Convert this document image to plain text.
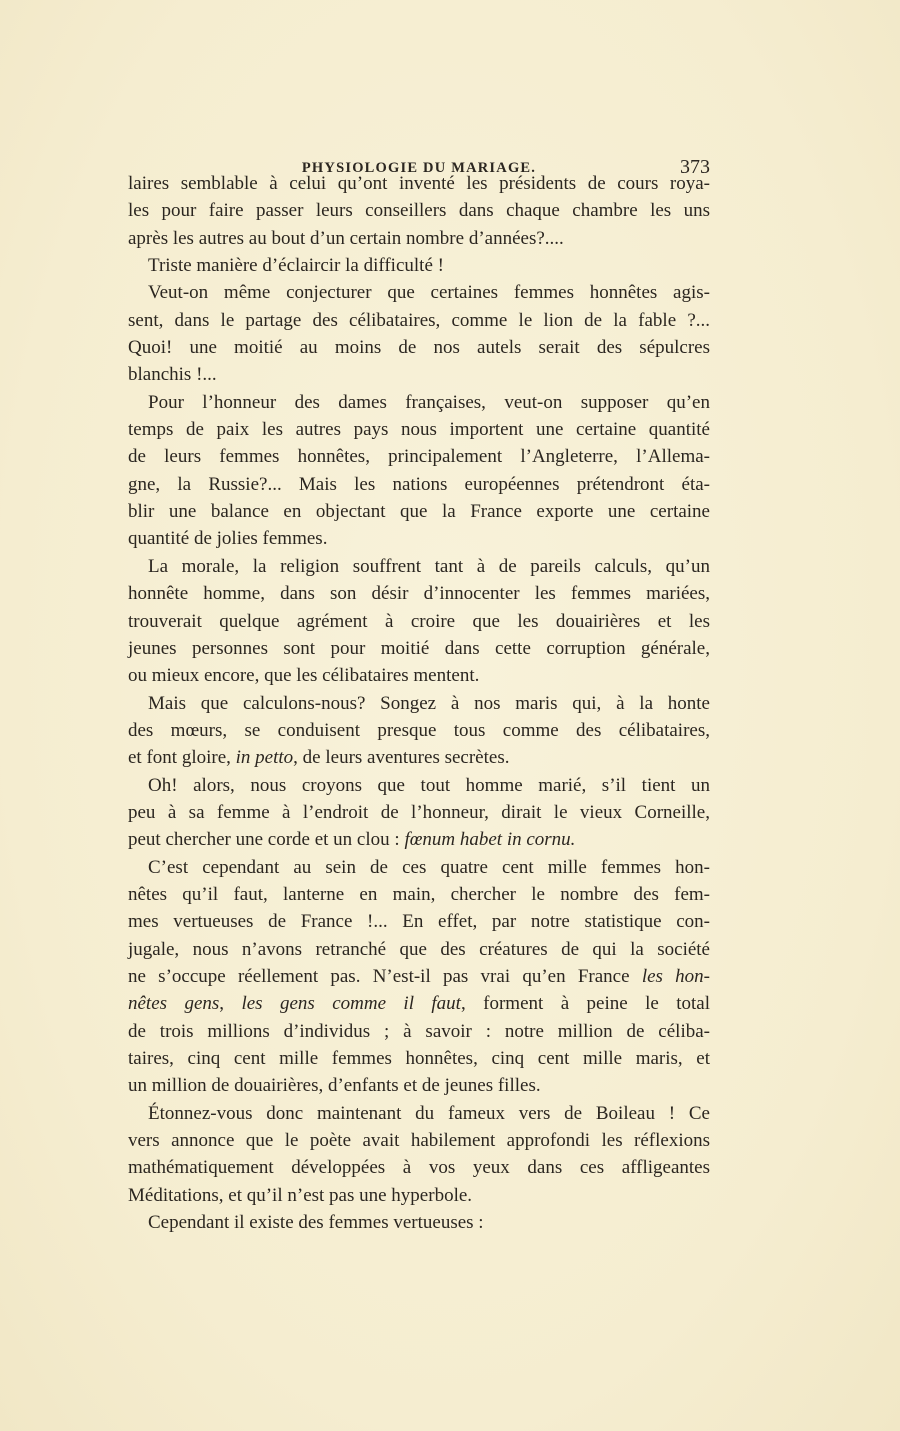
PHYSIOLOGIE DU MARIAGE.	373
laires semblable à celui qu’ont inventé les présidents de cours roya-
les pour faire passer leurs conseillers dans chaque chambre les uns
après les autres au bout d’un certain nombre d’années?....
Triste manière d’éclaircir la difficulté !
Veut-on même conjecturer que certaines femmes honnêtes agis-
sent, dans le partage des célibataires, comme le lion de la fable ?...
Quoi! une moitié au moins de nos autels serait des sépulcres
blanchis !...
Pour l’honneur des dames françaises, veut-on supposer qu’en
temps de paix les autres pays nous importent une certaine quantité
de leurs femmes honnêtes, principalement l’Angleterre, l’Allema-
gne, la Russie?... Mais les nations européennes prétendront éta-
blir une balance en objectant que la France exporte une certaine
quantité de jolies femmes.
La morale, la religion souffrent tant à de pareils calculs, qu’un
honnête homme, dans son désir d’innocenter les femmes mariées,
trouverait quelque agrément à croire que les douairières et les
jeunes personnes sont pour moitié dans cette corruption générale,
ou mieux encore, que les célibataires mentent.
Mais que calculons-nous? Songez à nos maris qui, à la honte
des mœurs, se conduisent presque tous comme des célibataires,
et font gloire, in petto, de leurs aventures secrètes.
Oh! alors, nous croyons que tout homme marié, s’il tient un
peu à sa femme à l’endroit de l’honneur, dirait le vieux Corneille,
peut chercher une corde et un clou : fœnum habet in cornu.
C’est cependant au sein de ces quatre cent mille femmes hon-
nêtes qu’il faut, lanterne en main, chercher le nombre des fem-
mes vertueuses de France !... En effet, par notre statistique con-
jugale, nous n’avons retranché que des créatures de qui la société
ne s’occupe réellement pas. N’est-il pas vrai qu’en France les hon-
nêtes gens, les gens comme il faut, forment à peine le total
de trois millions d’individus ; à savoir : notre million de céliba-
taires, cinq cent mille femmes honnêtes, cinq cent mille maris, et
un million de douairières, d’enfants et de jeunes filles.
Étonnez-vous donc maintenant du fameux vers de Boileau ! Ce
vers annonce que le poète avait habilement approfondi les réflexions
mathématiquement développées à vos yeux dans ces affligeantes
Méditations, et qu’il n’est pas une hyperbole.
Cependant il existe des femmes vertueuses :
